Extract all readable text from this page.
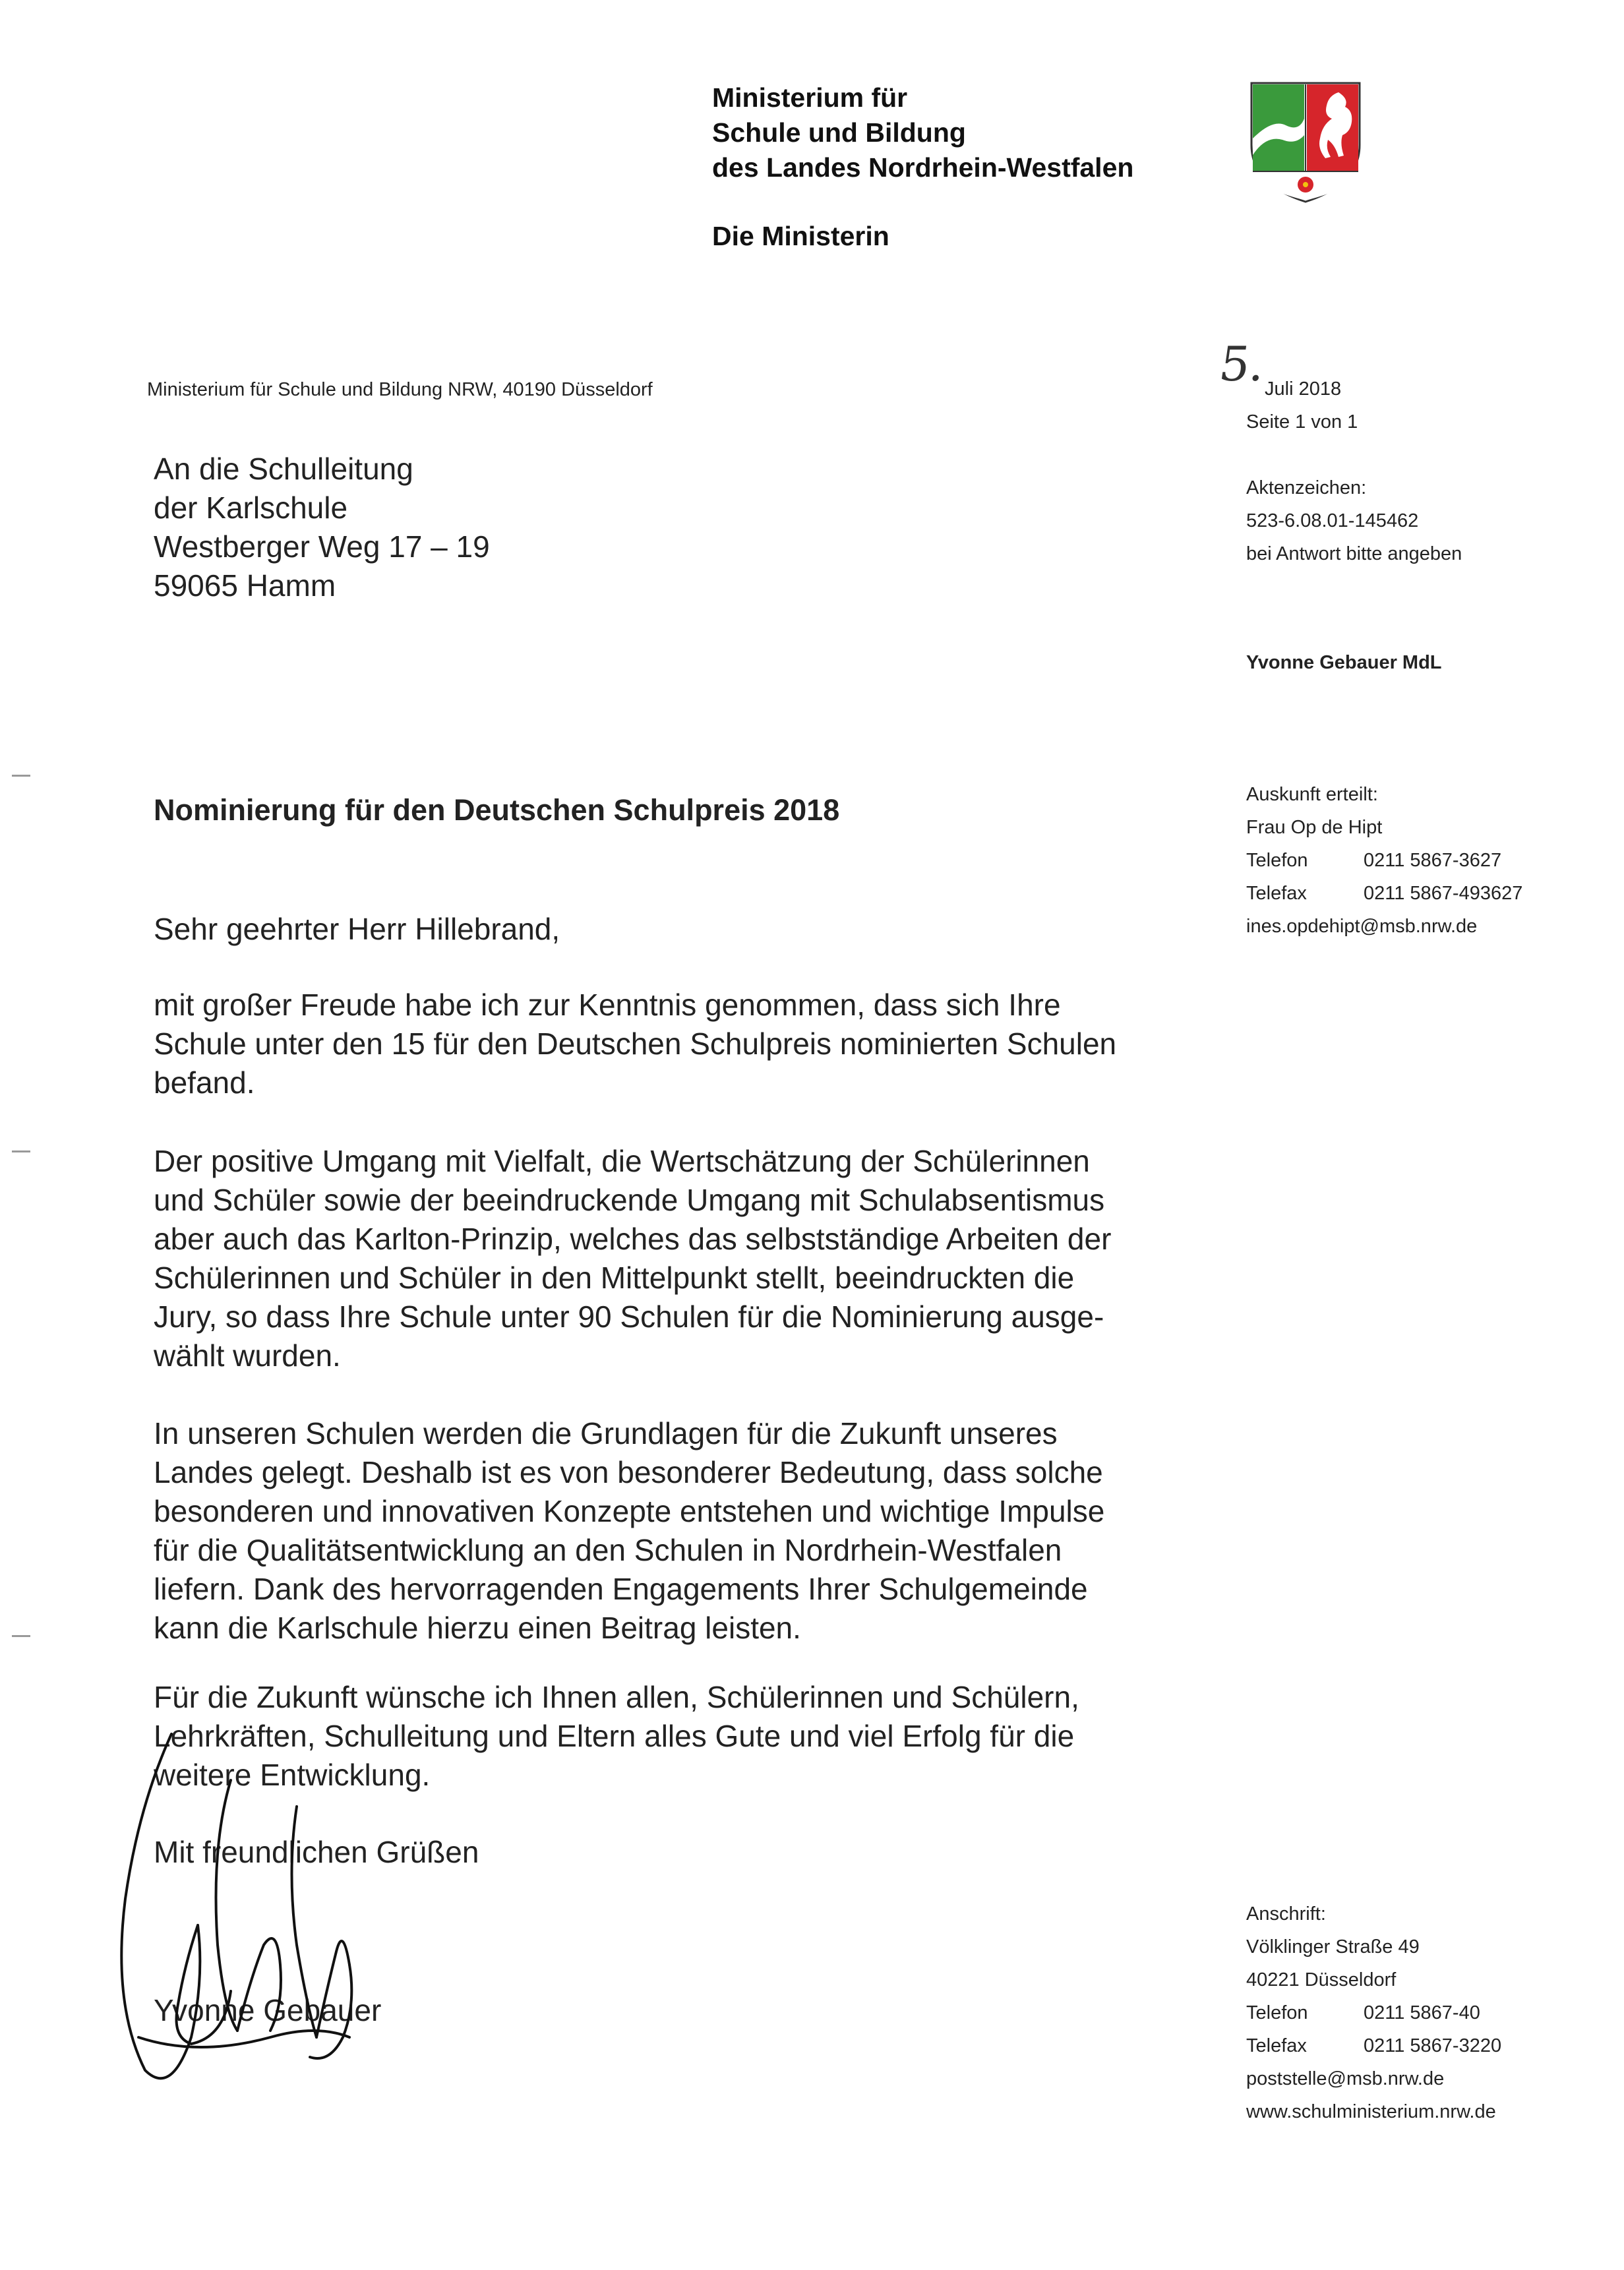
Ministerium für
Schule und Bildung
des Landes Nordrhein-Westfalen
Die Ministerin
Ministerium für Schule und Bildung NRW, 40190 Düsseldorf
An die Schulleitung
der Karlschule
Westberger Weg 17 – 19
59065 Hamm
5.
Juli 2018
Seite 1 von 1
Aktenzeichen:
523-6.08.01-145462
bei Antwort bitte angeben
Yvonne Gebauer MdL
Auskunft erteilt:
Frau Op de Hipt
Telefon	0211 5867-3627
Telefax	0211 5867-493627
ines.opdehipt@msb.nrw.de
Anschrift:
Völklinger Straße 49
40221 Düsseldorf
Telefon	0211 5867-40
Telefax	0211 5867-3220
poststelle@msb.nrw.de
www.schulministerium.nrw.de
Nominierung für den Deutschen Schulpreis 2018
Sehr geehrter Herr Hillebrand,
mit großer Freude habe ich zur Kenntnis genommen, dass sich Ihre
Schule unter den 15 für den Deutschen Schulpreis nominierten Schulen
befand.
Der positive Umgang mit Vielfalt, die Wertschätzung der Schülerinnen
und Schüler sowie der beeindruckende Umgang mit Schulabsentismus
aber auch das Karlton-Prinzip, welches das selbstständige Arbeiten der
Schülerinnen und Schüler in den Mittelpunkt stellt, beeindruckten die
Jury, so dass Ihre Schule unter 90 Schulen für die Nominierung ausge-
wählt wurden.
In unseren Schulen werden die Grundlagen für die Zukunft unseres
Landes gelegt. Deshalb ist es von besonderer Bedeutung, dass solche
besonderen und innovativen Konzepte entstehen und wichtige Impulse
für die Qualitätsentwicklung an den Schulen in Nordrhein-Westfalen
liefern. Dank des hervorragenden Engagements Ihrer Schulgemeinde
kann die Karlschule hierzu einen Beitrag leisten.
Für die Zukunft wünsche ich Ihnen allen, Schülerinnen und Schülern,
Lehrkräften, Schulleitung und Eltern alles Gute und viel Erfolg für die
weitere Entwicklung.
Mit freundlichen Grüßen
Yvonne Gebauer
